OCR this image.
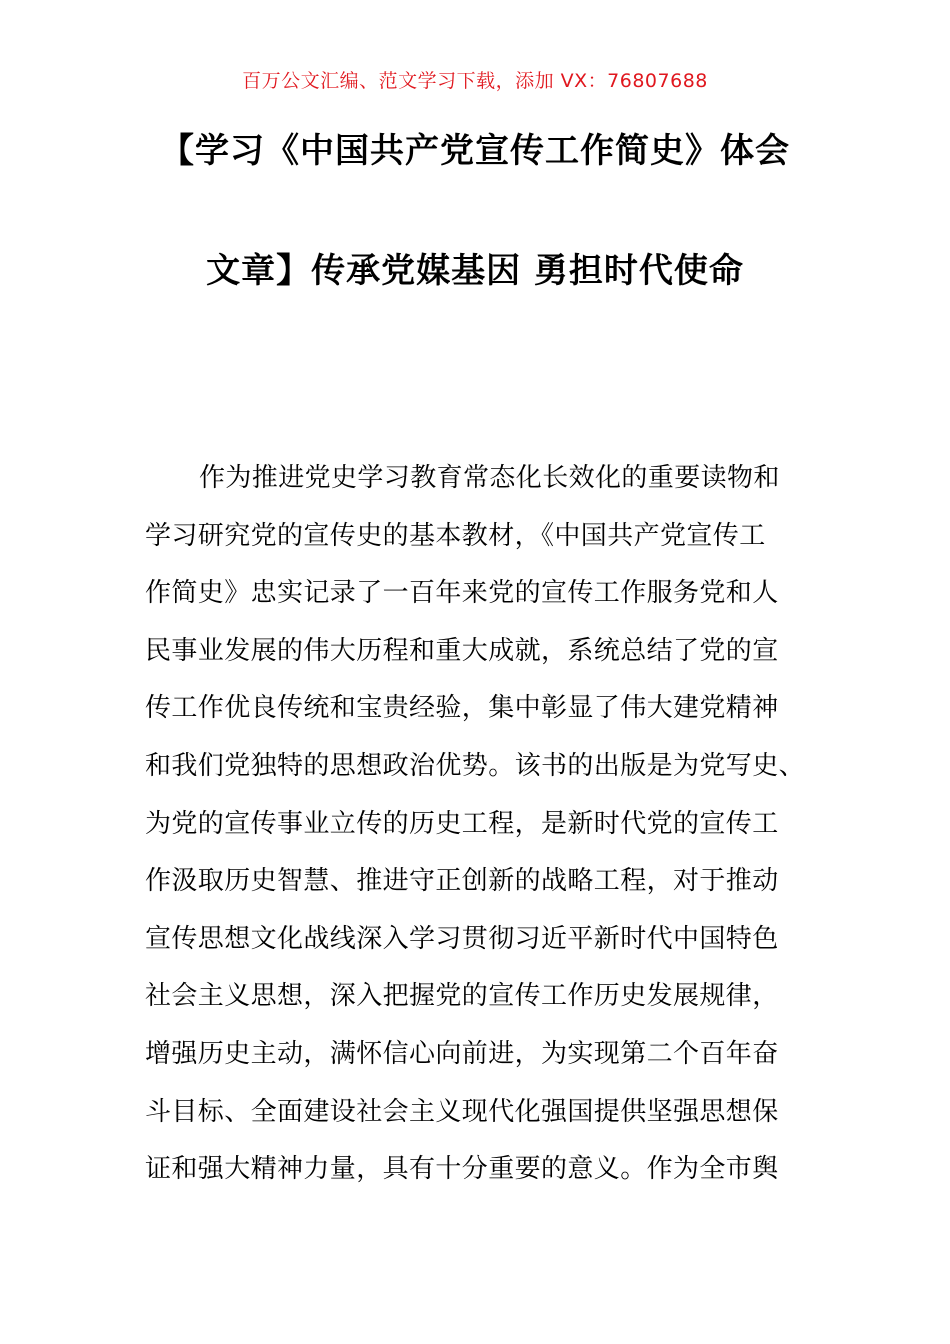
百万公文汇编、范文学习下载，添加 VX：76807688
【学习《中国共产党宣传工作简史》体会
文章】传承党媒基因 勇担时代使命
作为推进党史学习教育常态化长效化的重要读物和
学习研究党的宣传史的基本教材，《中国共产党宣传工
作简史》忠实记录了一百年来党的宣传工作服务党和人
民事业发展的伟大历程和重大成就，系统总结了党的宣
传工作优良传统和宝贵经验，集中彰显了伟大建党精神
和我们党独特的思想政治优势。该书的出版是为党写史、
为党的宣传事业立传的历史工程，是新时代党的宣传工
作汲取历史智慧、推进守正创新的战略工程，对于推动
宣传思想文化战线深入学习贯彻习近平新时代中国特色
社会主义思想，深入把握党的宣传工作历史发展规律，
增强历史主动，满怀信心向前进，为实现第二个百年奋
斗目标、全面建设社会主义现代化强国提供坚强思想保
证和强大精神力量，具有十分重要的意义。作为全市舆
